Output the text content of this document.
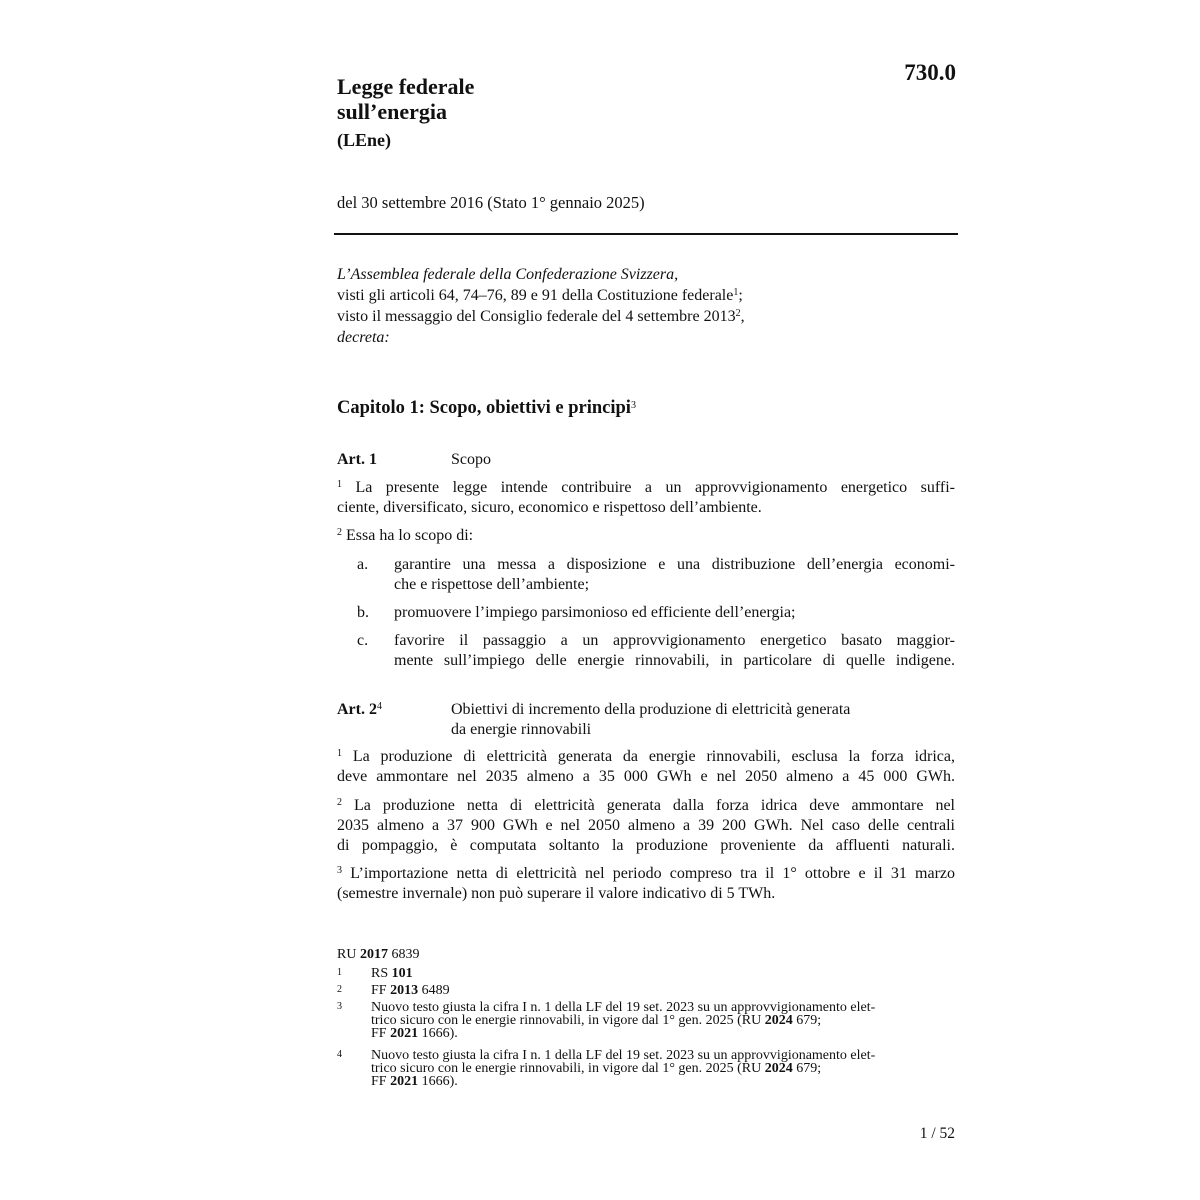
730.0
Legge federale
sull’energia
(LEne)
del 30 settembre 2016 (Stato 1° gennaio 2025)
L’Assemblea federale della Confederazione Svizzera,
visti gli articoli 64, 74–76, 89 e 91 della Costituzione federale$^1$;
visto il messaggio del Consiglio federale del 4 settembre 2013$^2$,
decreta:
Capitolo 1: Scopo, obiettivi e principi$^3$
Art. 1	Scopo
$^1$ La presente legge intende contribuire a un approvvigionamento energetico suffi-
ciente, diversificato, sicuro, economico e rispettoso dell’ambiente.
$^2$ Essa ha lo scopo di:
a. garantire una messa a disposizione e una distribuzione dell’energia economi-
che e rispettose dell’ambiente;
b. promuovere l’impiego parsimonioso ed efficiente dell’energia;
c. favorire il passaggio a un approvvigionamento energetico basato maggior-
mente sull’impiego delle energie rinnovabili, in particolare di quelle indigene.
Art. $2^4$	Obiettivi di incremento della produzione di elettricità generata
da energie rinnovabili
$^1$ La produzione di elettricità generata da energie rinnovabili, esclusa la forza idrica,
deve ammontare nel 2035 almeno a 35 000 GWh e nel 2050 almeno a 45 000 GWh.
$^2$ La produzione netta di elettricità generata dalla forza idrica deve ammontare nel
2035 almeno a 37 900 GWh e nel 2050 almeno a 39 200 GWh. Nel caso delle centrali
di pompaggio, è computata soltanto la produzione proveniente da affluenti naturali.
$^3$ L’importazione netta di elettricità nel periodo compreso tra il 1° ottobre e il 31 marzo
(semestre invernale) non può superare il valore indicativo di 5 TWh.
RU 2017 6839
1 RS 101
2 FF 2013 6489
3 Nuovo testo giusta la cifra I n. 1 della LF del 19 set. 2023 su un approvvigionamento elet-
trico sicuro con le energie rinnovabili, in vigore dal 1° gen. 2025 (RU 2024 679;
FF 2021 1666).
4 Nuovo testo giusta la cifra I n. 1 della LF del 19 set. 2023 su un approvvigionamento elet-
trico sicuro con le energie rinnovabili, in vigore dal 1° gen. 2025 (RU 2024 679;
FF 2021 1666).
1 / 52
